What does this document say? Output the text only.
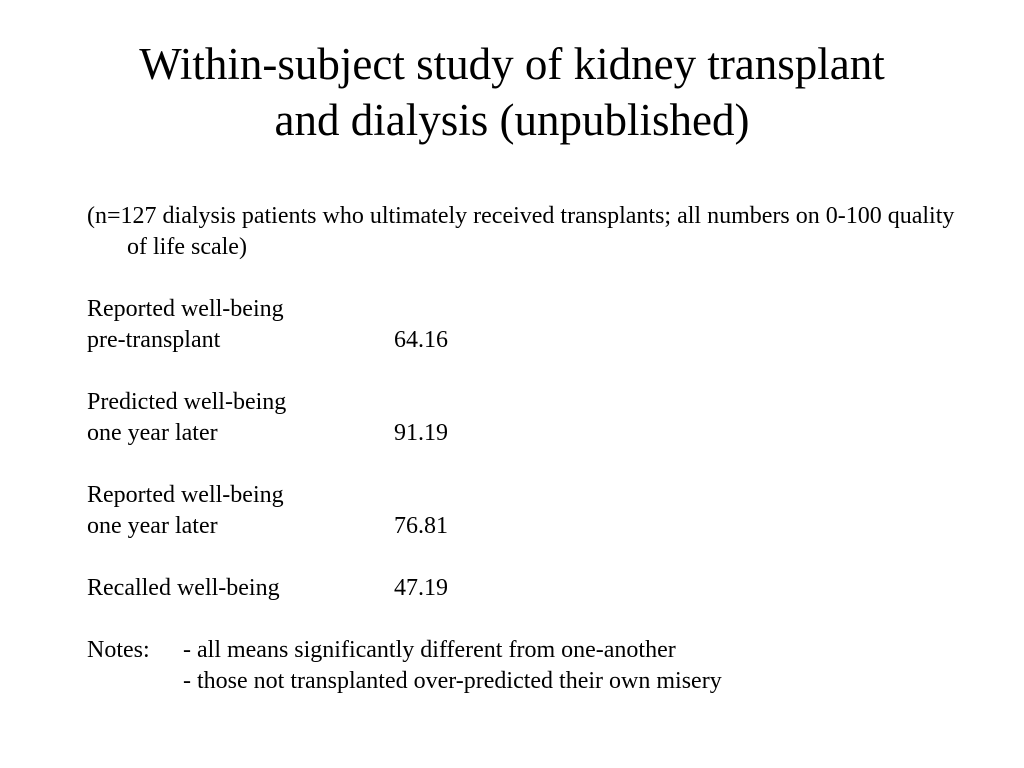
Within-subject study of kidney transplant
and dialysis (unpublished)

(n=127 dialysis patients who ultimately received transplants; all numbers on 0-100 quality of life scale)

Reported well-being
pre-transplant	64.16
Predicted well-being
one year later	91.19
Reported well-being
one year later	76.81
Recalled well-being	47.19
Notes:	- all means significantly different from one-another
- those not transplanted over-predicted their own misery
